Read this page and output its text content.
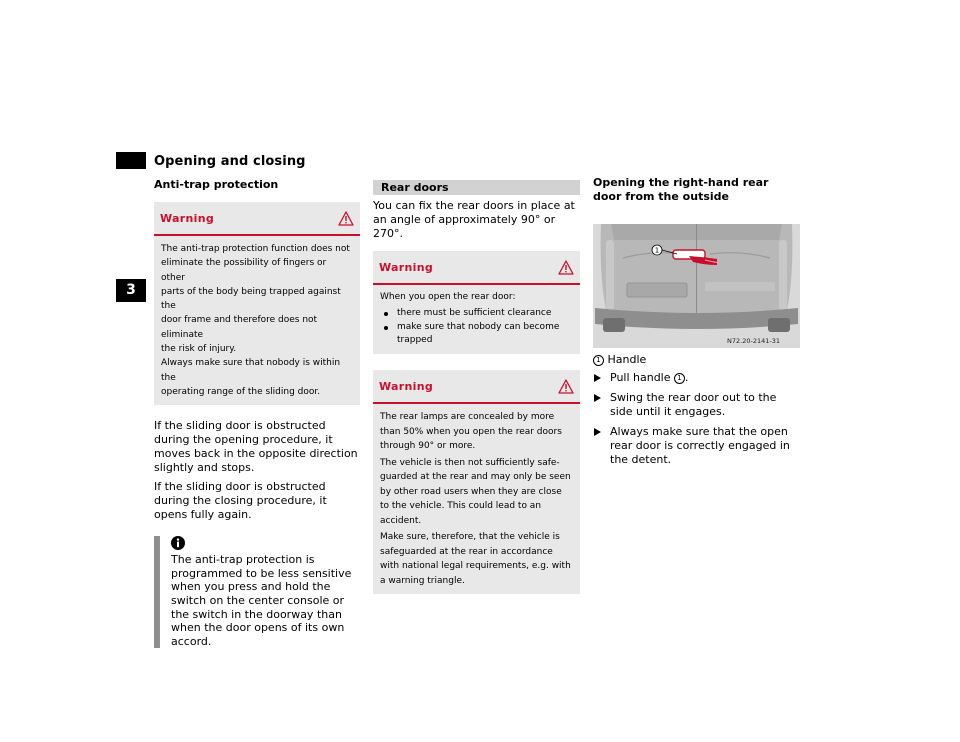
Opening and closing
3
Anti-trap protection
Warning
The anti-trap protection function does not
eliminate the possibility of fingers or other
parts of the body being trapped against the
door frame and therefore does not eliminate
the risk of injury.
Always make sure that nobody is within the
operating range of the sliding door.

If the sliding door is obstructed during the opening procedure, it moves back in the opposite direction slightly and stops.

If the sliding door is obstructed during the closing procedure, it opens fully again.

The anti-trap protection is programmed to be less sensitive when you press and hold the switch on the center console or the switch in the doorway than when the door opens of its own accord.
Rear doors
You can fix the rear doors in place at an angle of approximately 90° or 270°.
Warning
When you open the rear door:
there must be sufficient clearance
make sure that nobody can become trapped
Warning
The rear lamps are concealed by more than 50% when you open the rear doors through 90° or more.
The vehicle is then not sufficiently safe-guarded at the rear and may only be seen by other road users when they are close to the vehicle. This could lead to an accident.
Make sure, therefore, that the vehicle is safeguarded at the rear in accordance with national legal requirements, e.g. with a warning triangle.
Opening the right-hand rear door from the outside
1
N72.20-2141-31
1 Handle
Pull handle 1 .
Swing the rear door out to the side until it engages.
Always make sure that the open rear door is correctly engaged in the detent.
